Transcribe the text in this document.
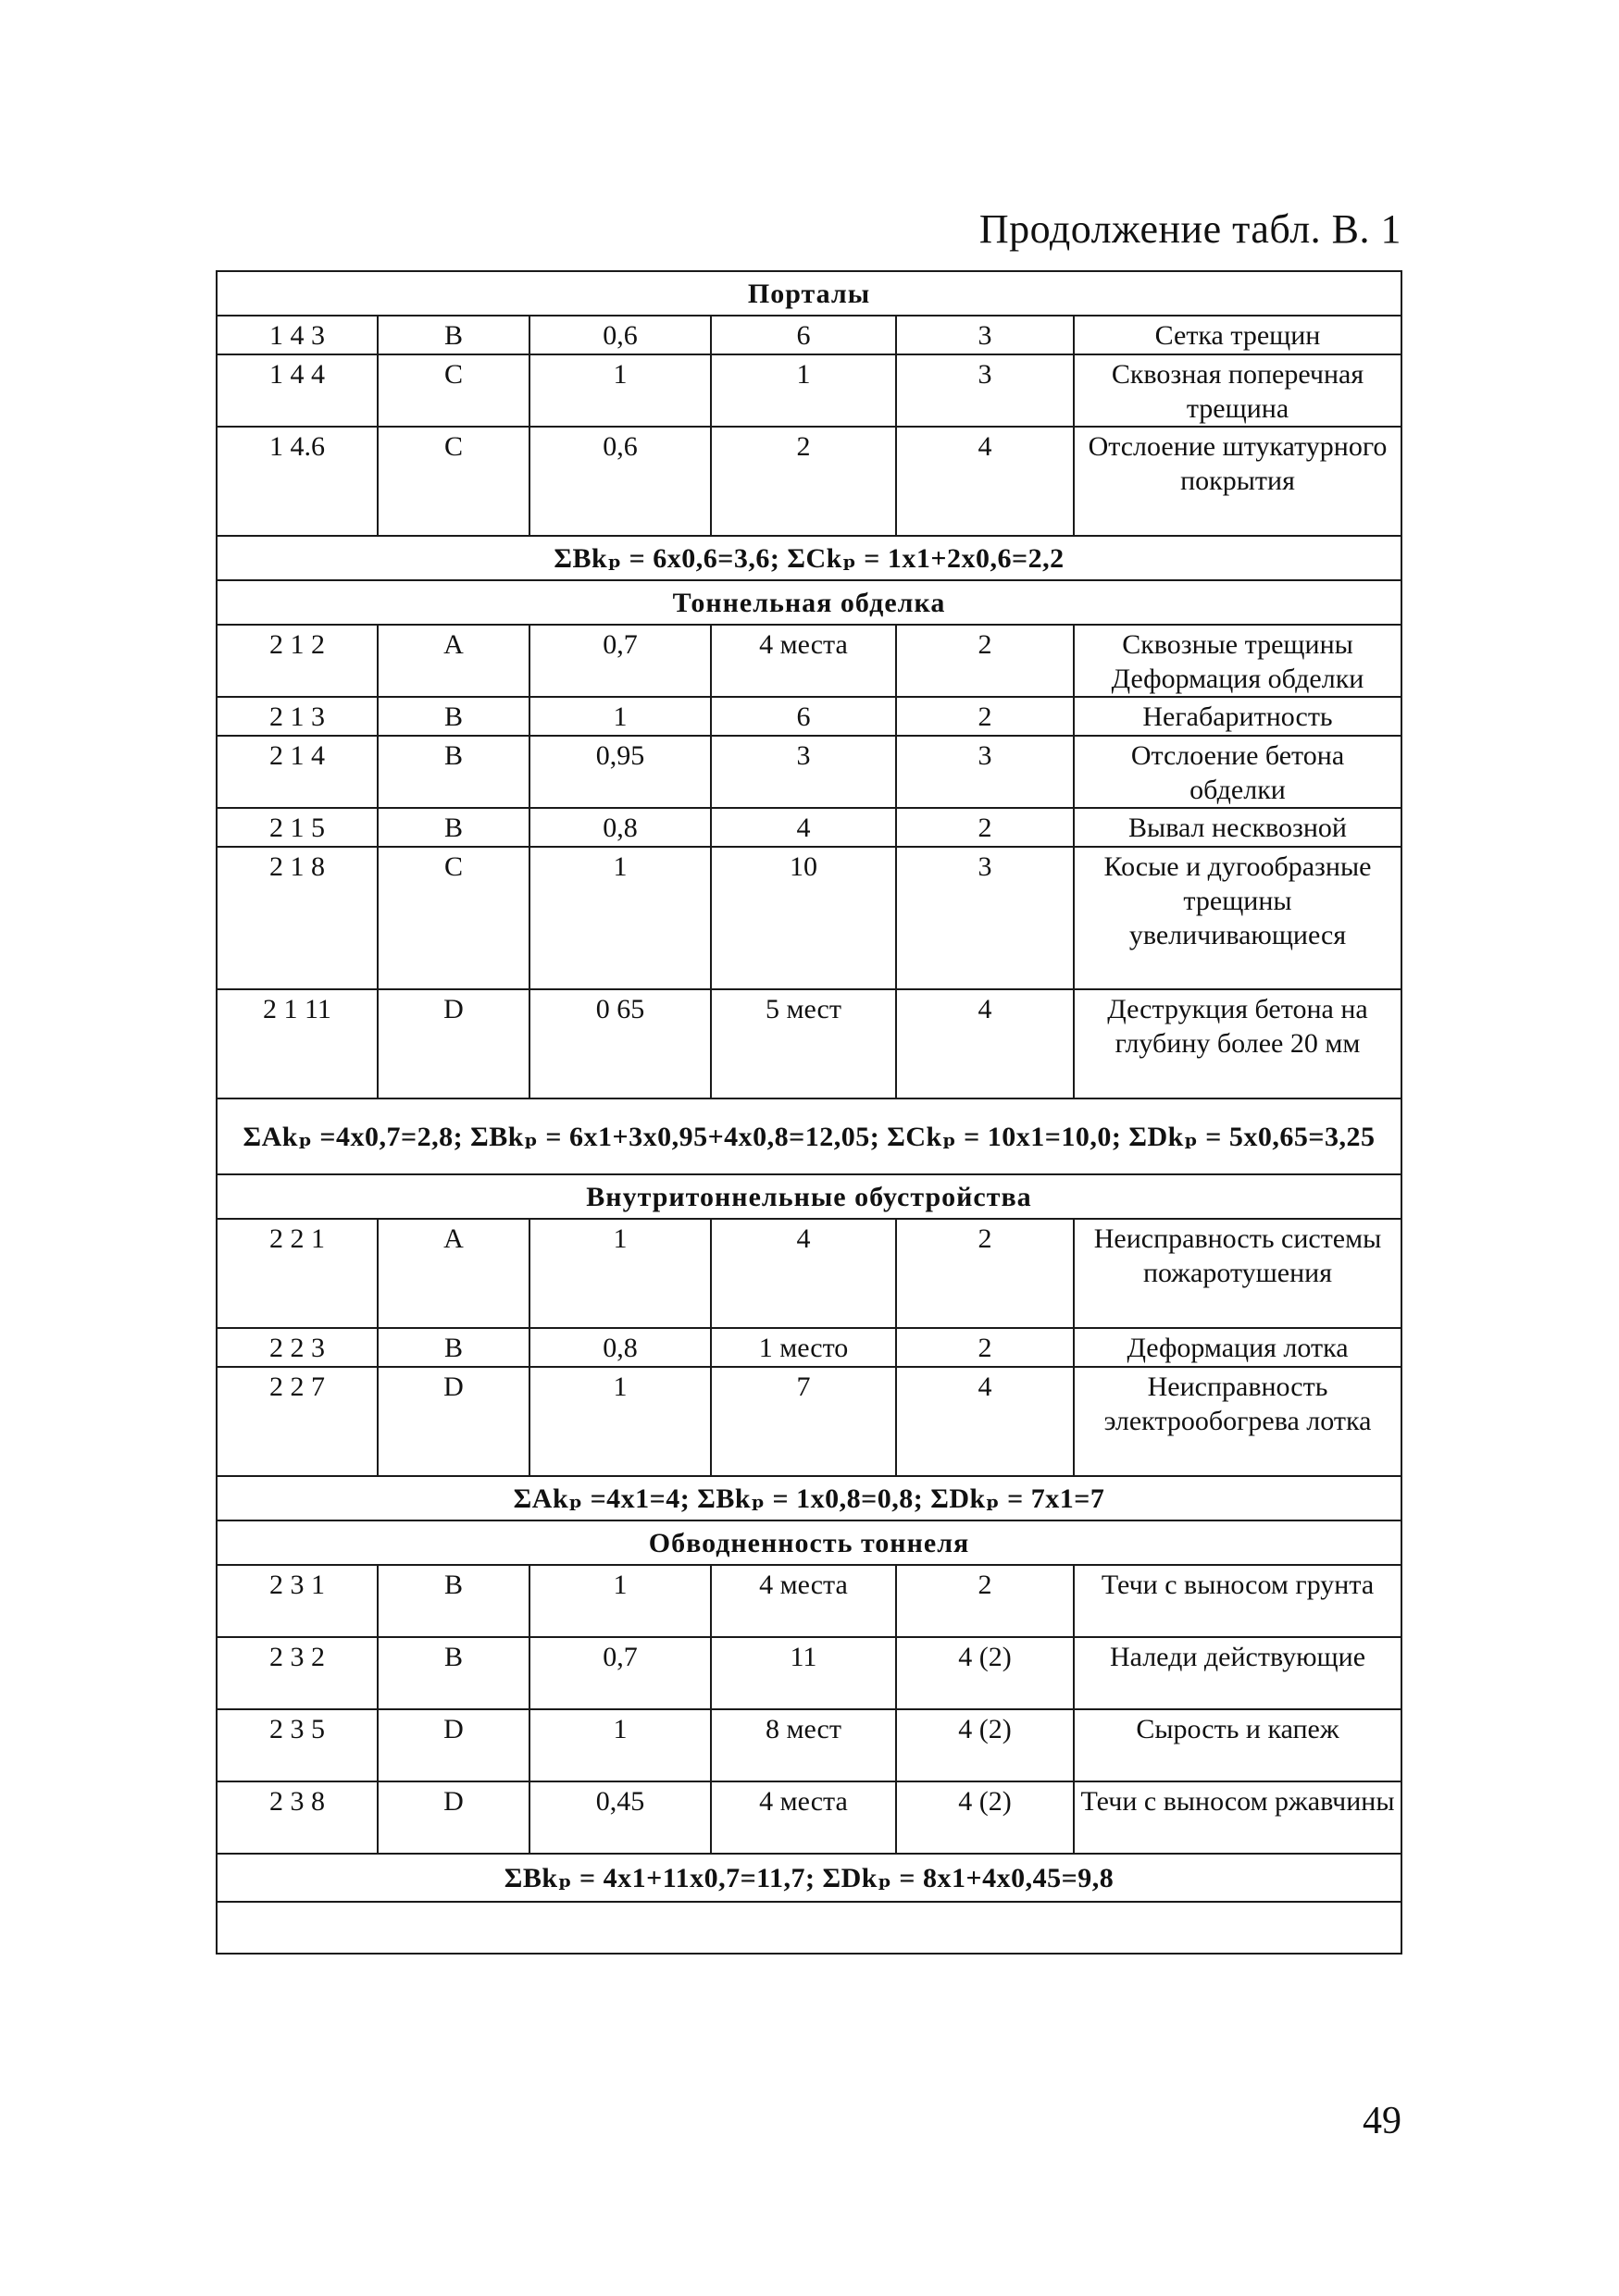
Продолжение табл. В. 1
Порталы					
1 4 3	B	0,6	6	3	Сетка трещин
1 4 4	C	1	1	3	Сквозная поперечная трещина
1 4.6	C	0,6	2	4	Отслоение штукатурного покрытия
ΣBkₚ = 6x0,6=3,6; ΣCkₚ = 1x1+2x0,6=2,2					
Тоннельная обделка					
2 1 2	A	0,7	4 места	2	Сквозные трещины Деформация обделки
2 1 3	B	1	6	2	Негабаритность
2 1 4	B	0,95	3	3	Отслоение бетона обделки
2 1 5	B	0,8	4	2	Вывал несквозной
2 1 8	C	1	10	3	Косые и дугообразные трещины увеличивающиеся
2 1 11	D	0 65	5 мест	4	Деструкция бетона на глубину более 20 мм
ΣAkₚ =4x0,7=2,8; ΣBkₚ = 6x1+3x0,95+4x0,8=12,05; ΣCkₚ = 10x1=10,0; ΣDkₚ = 5x0,65=3,25					
Внутритоннельные обустройства					
2 2 1	A	1	4	2	Неисправность системы пожаротушения
2 2 3	B	0,8	1 место	2	Деформация лотка
2 2 7	D	1	7	4	Неисправность электрообогрева лотка
ΣAkₚ =4x1=4; ΣBkₚ = 1x0,8=0,8; ΣDkₚ = 7x1=7					
Обводненность тоннеля					
2 3 1	B	1	4 места	2	Течи с выносом грунта
2 3 2	B	0,7	11	4 (2)	Наледи действующие
2 3 5	D	1	8 мест	4 (2)	Сырость и капеж
2 3 8	D	0,45	4 места	4 (2)	Течи с выносом ржавчины
ΣBkₚ = 4x1+11x0,7=11,7; ΣDkₚ = 8x1+4x0,45=9,8					

49
